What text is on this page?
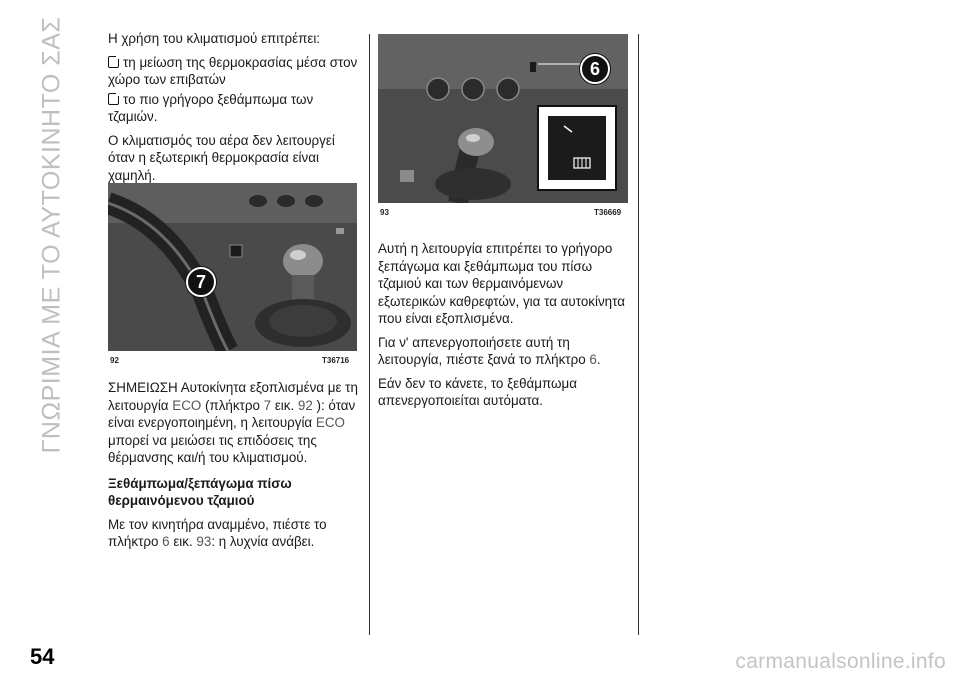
ΓΝΩΡΙΜΙΑ ΜΕ ΤΟ ΑΥΤΟΚΙΝΗΤΟ ΣΑΣ	Η χρήση του κλιματισμού επιτρέπει:

τη μείωση της θερμοκρασίας μέσα στον χώρο των επιβατών

το πιο γρήγορο ξεθάμπωμα των τζαμιών.

Ο κλιματισμός του αέρα δεν λειτουργεί όταν η εξωτερική θερμοκρασία είναι χαμηλή.

7
92	T36716

ΣΗΜΕΙΩΣΗ Αυτοκίνητα εξοπλισμένα με τη λειτουργία ECO (πλήκτρο 7 εικ. 92 ): όταν είναι ενεργοποιημένη, η λειτουργία ECO μπορεί να μειώσει τις επιδόσεις της θέρμανσης και/ή του κλιματισμού.

Ξεθάμπωμα/ξεπάγωμα πίσω θερμαινόμενου τζαμιού

Με τον κινητήρα αναμμένο, πιέστε το πλήκτρο 6 εικ. 93: η λυχνία ανάβει.

6
93	T36669

Αυτή η λειτουργία επιτρέπει το γρήγορο ξεπάγωμα και ξεθάμπωμα του πίσω τζαμιού και των θερμαινόμενων εξωτερικών καθρεφτών, για τα αυτοκίνητα που είναι εξοπλισμένα.

Για ν' απενεργοποιήσετε αυτή τη λειτουργία, πιέστε ξανά το πλήκτρο 6.

Εάν δεν το κάνετε, το ξεθάμπωμα απενεργοποιείται αυτόματα.

54	carmanualsonline.info
